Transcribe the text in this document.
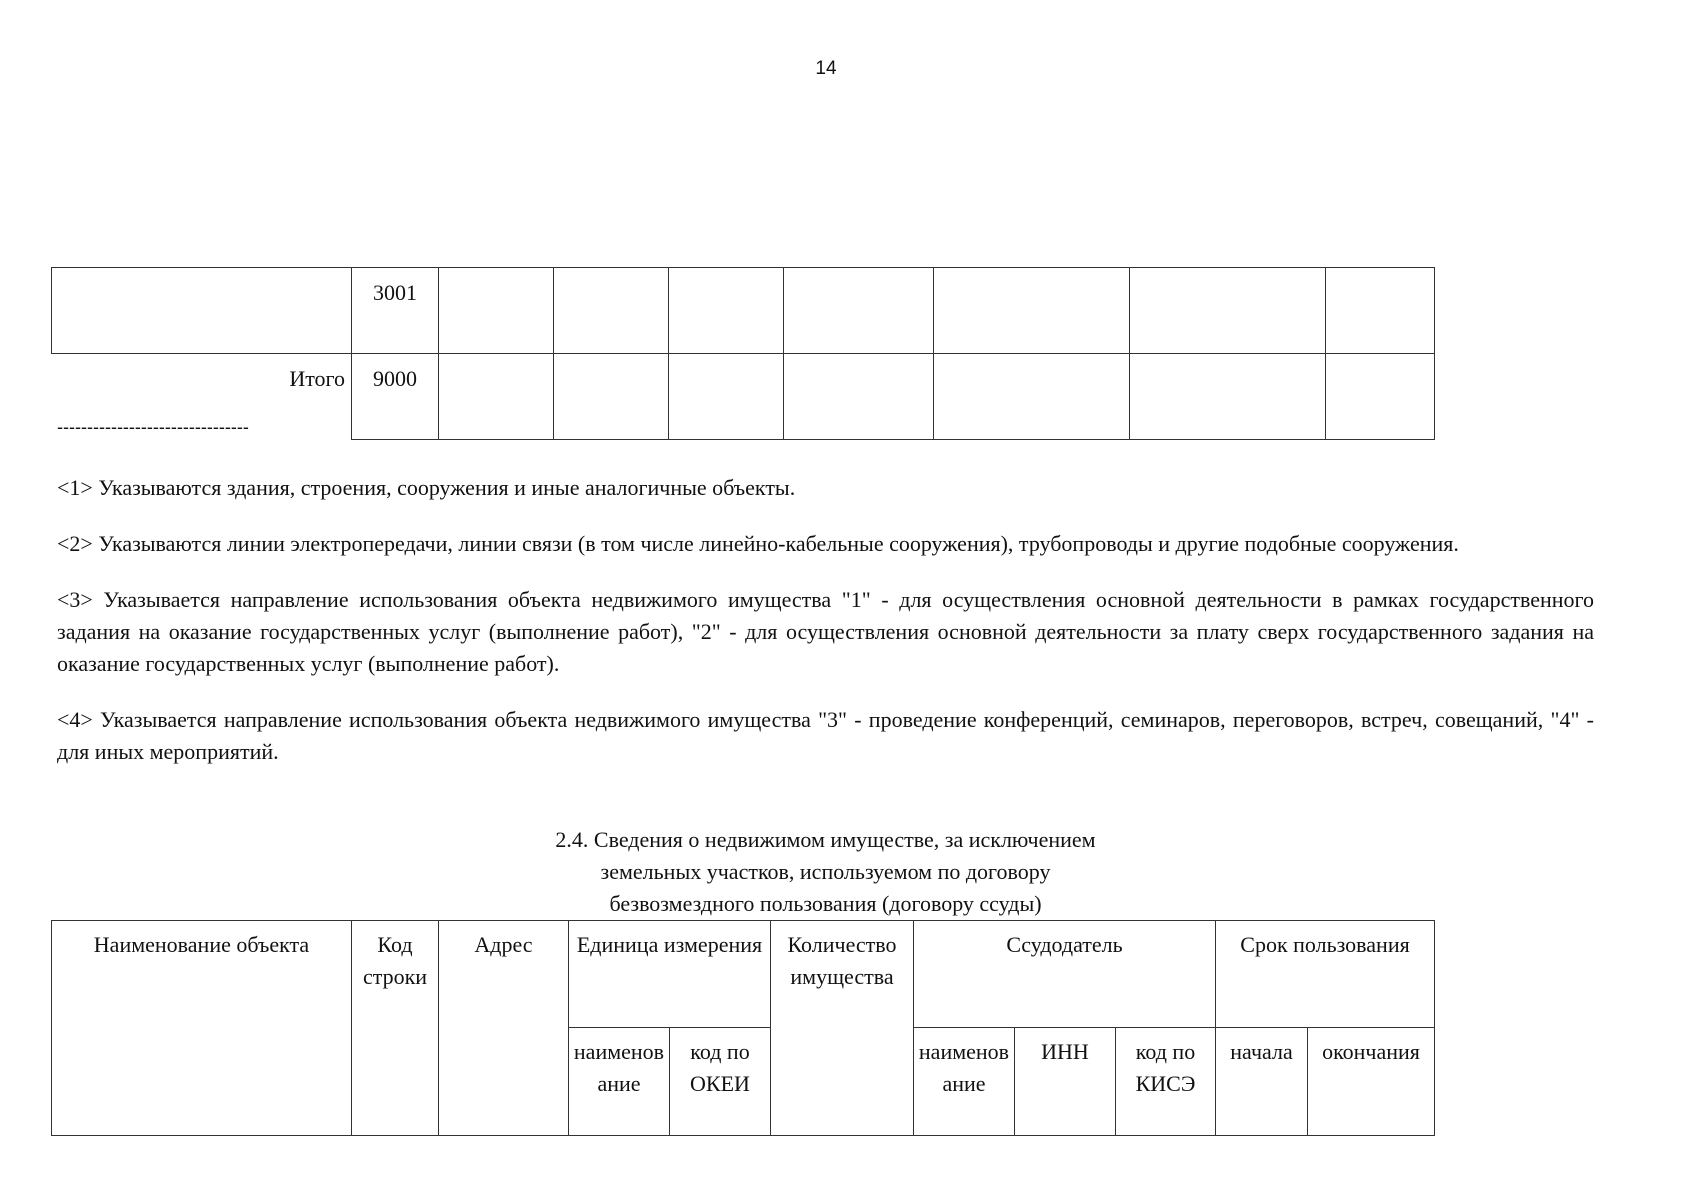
14
	3001							
Итого	9000							
--------------------------------

<1> Указываются здания, строения, сооружения и иные аналогичные объекты.

<2> Указываются линии электропередачи, линии связи (в том числе линейно-кабельные сооружения), трубопроводы и другие подобные сооружения.

<3> Указывается направление использования объекта недвижимого имущества "1" - для осуществления основной деятельности в рамках государственного задания на оказание государственных услуг (выполнение работ), "2" - для осуществления основной деятельности за плату сверх государственного задания на оказание государственных услуг (выполнение работ).

<4> Указывается направление использования объекта недвижимого имущества "3" - проведение конференций, семинаров, переговоров, встреч, совещаний, "4" - для иных мероприятий.

2.4. Сведения о недвижимом имуществе, за исключением
земельных участков, используемом по договору
безвозмездного пользования (договору ссуды)
Наименование объекта	Код строки	Адрес	Единица измерения		Количество имущества	Ссудодатель			Срок пользования	
			наименование	код по ОКЕИ		наименование	ИНН	код по КИСЭ	начала	окончания
